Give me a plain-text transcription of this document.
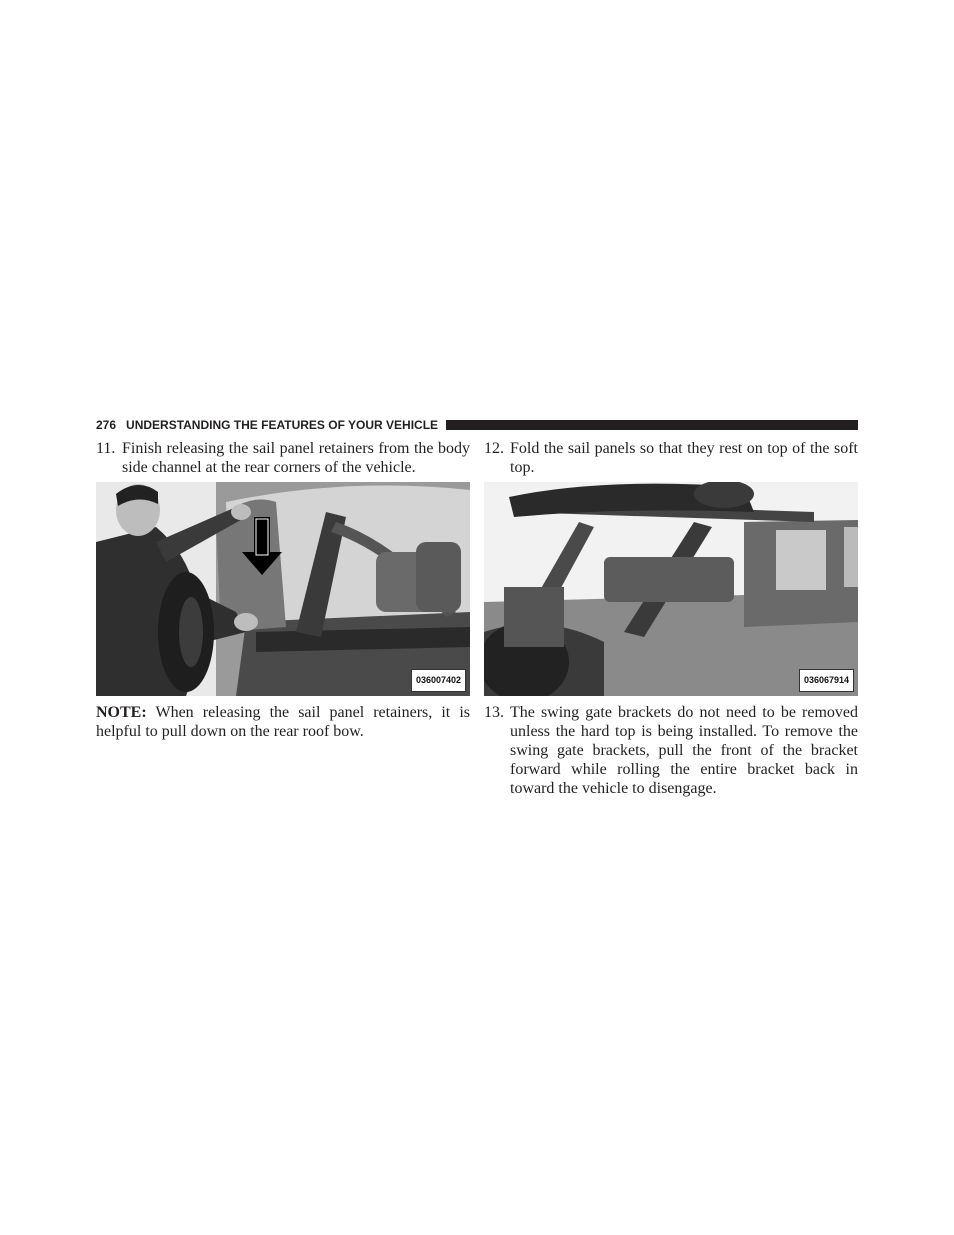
276 UNDERSTANDING THE FEATURES OF YOUR VEHICLE
11. Finish releasing the sail panel retainers from the body side channel at the rear corners of the vehicle.
036007402
NOTE: When releasing the sail panel retainers, it is helpful to pull down on the rear roof bow.
12. Fold the sail panels so that they rest on top of the soft top.
036067914
13. The swing gate brackets do not need to be removed unless the hard top is being installed. To remove the swing gate brackets, pull the front of the bracket forward while rolling the entire bracket back in toward the vehicle to disengage.
